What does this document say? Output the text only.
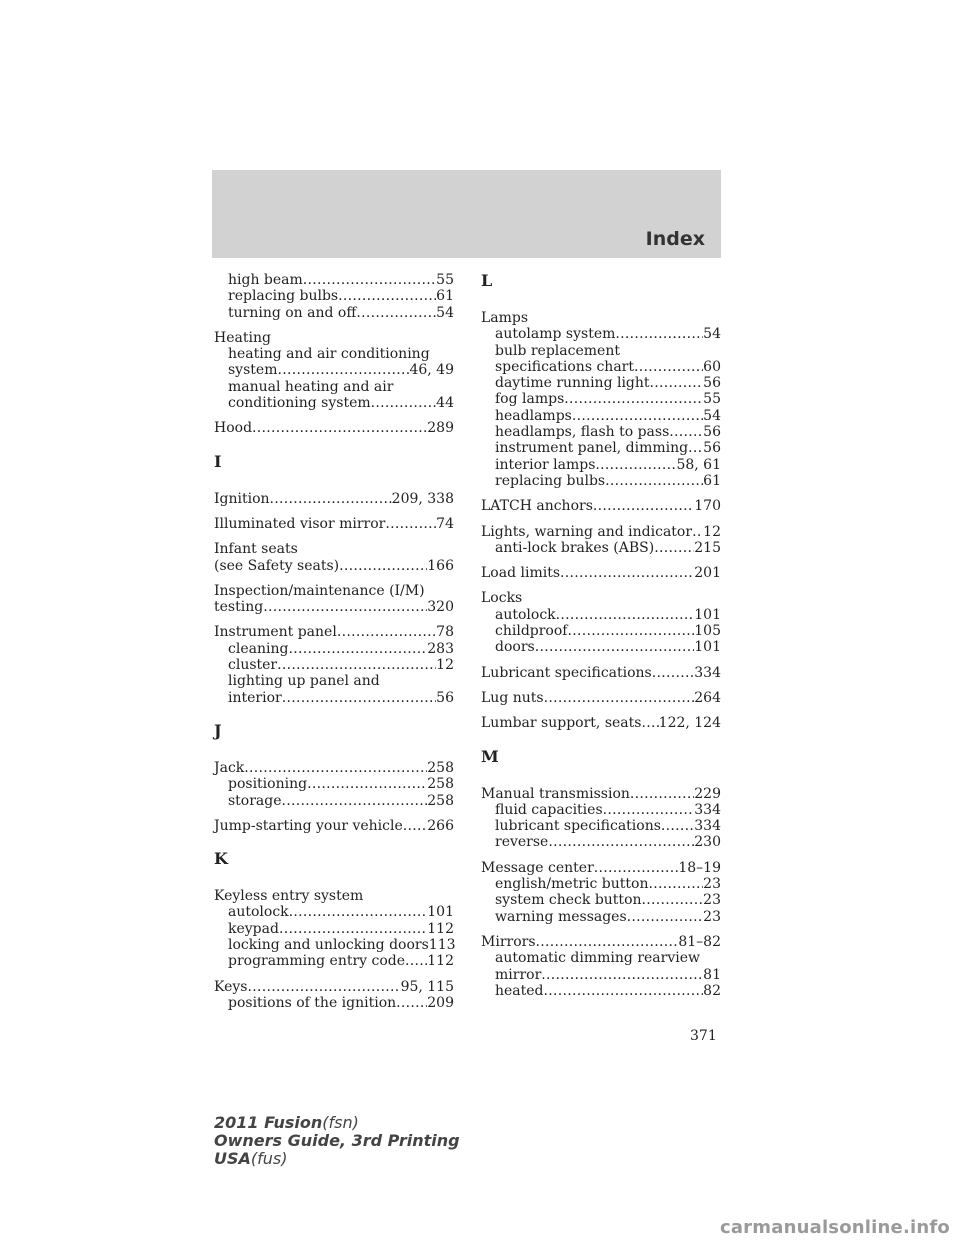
Index
high beam .....	55
replacing bulbs .....	61
turning on and off .....	54
Heating
heating and air conditioning
system .....	46, 49
manual heating and air
conditioning system .....	44
Hood .....	289
I
Ignition .....	209, 338
Illuminated visor mirror .....	74
Infant seats
(see Safety seats) .....	166
Inspection/maintenance (I/M)
testing .....	320
Instrument panel .....	78
cleaning .....	283
cluster .....	12
lighting up panel and
interior .....	56
J
Jack .....	258
positioning .....	258
storage .....	258
Jump-starting your vehicle ..... 266
K
Keyless entry system
autolock .....	101
keypad .....	112
locking and unlocking doors 113
programming entry code ..... 112
Keys .....	95, 115
positions of the ignition ..... 209
L
Lamps
autolamp system .....	54
bulb replacement
specifications chart .....	60
daytime running light .....	56
fog lamps .....	55
headlamps .....	54
headlamps, flash to pass ..... 56
instrument panel, dimming ..... 56
interior lamps .....	58, 61
replacing bulbs .....	61
LATCH anchors .....	170
Lights, warning and indicator ..... 12
anti-lock brakes (ABS) .....	215
Load limits .....	201
Locks
autolock .....	101
childproof .....	105
doors .....	101
Lubricant specifications .....	334
Lug nuts .....	264
Lumbar support, seats ..... 122, 124
M
Manual transmission .....	229
fluid capacities .....	334
lubricant specifications ..... 334
reverse .....	230
Message center .....	18–19
english/metric button .....	23
system check button .....	23
warning messages .....	23
Mirrors .....	81–82
automatic dimming rearview
mirror .....	81
heated .....	82
371
2011 Fusion(fsn)
Owners Guide, 3rd Printing
USA(fus)
carmanualsonline.info
